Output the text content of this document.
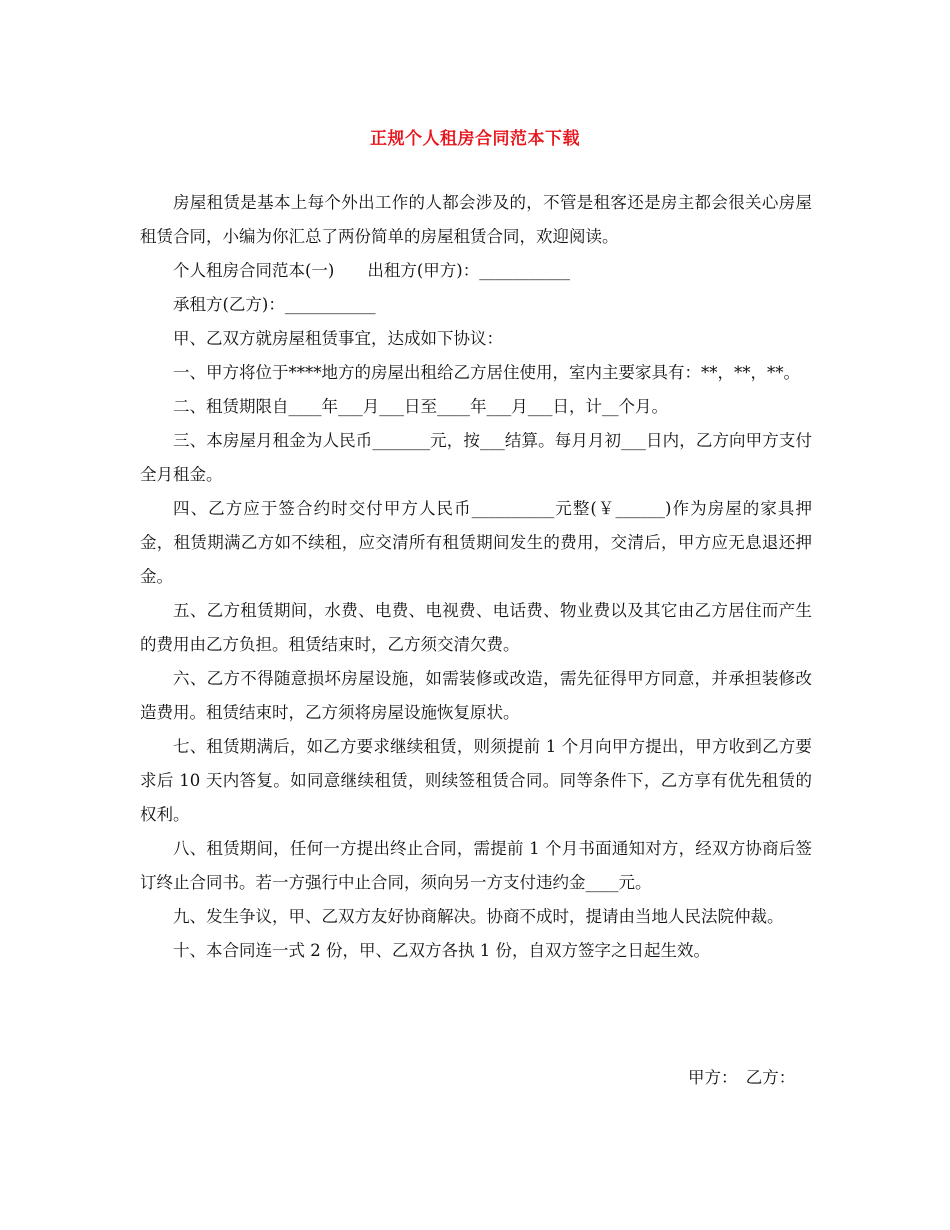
正规个人租房合同范本下载

房屋租赁是基本上每个外出工作的人都会涉及的，不管是租客还是房主都会很关心房屋租赁合同，小编为你汇总了两份简单的房屋租赁合同，欢迎阅读。

个人租房合同范本(一)　　出租方(甲方)：___________

承租方(乙方)：___________

甲、乙双方就房屋租赁事宜，达成如下协议：

一、甲方将位于****地方的房屋出租给乙方居住使用，室内主要家具有：**，**，**。

二、租赁期限自____年___月___日至____年___月___日，计__个月。

三、本房屋月租金为人民币_______元，按___结算。每月月初___日内，乙方向甲方支付全月租金。

四、乙方应于签合约时交付甲方人民币__________元整(￥______)作为房屋的家具押金，租赁期满乙方如不续租，应交清所有租赁期间发生的费用，交清后，甲方应无息退还押金。

五、乙方租赁期间，水费、电费、电视费、电话费、物业费以及其它由乙方居住而产生的费用由乙方负担。租赁结束时，乙方须交清欠费。

六、乙方不得随意损坏房屋设施，如需装修或改造，需先征得甲方同意，并承担装修改造费用。租赁结束时，乙方须将房屋设施恢复原状。

七、租赁期满后，如乙方要求继续租赁，则须提前 1 个月向甲方提出，甲方收到乙方要求后 10 天内答复。如同意继续租赁，则续签租赁合同。同等条件下，乙方享有优先租赁的权利。

八、租赁期间，任何一方提出终止合同，需提前 1 个月书面通知对方，经双方协商后签订终止合同书。若一方强行中止合同，须向另一方支付违约金____元。

九、发生争议，甲、乙双方友好协商解决。协商不成时，提请由当地人民法院仲裁。

十、本合同连一式 2 份，甲、乙双方各执 1 份，自双方签字之日起生效。

甲方：　乙方：
